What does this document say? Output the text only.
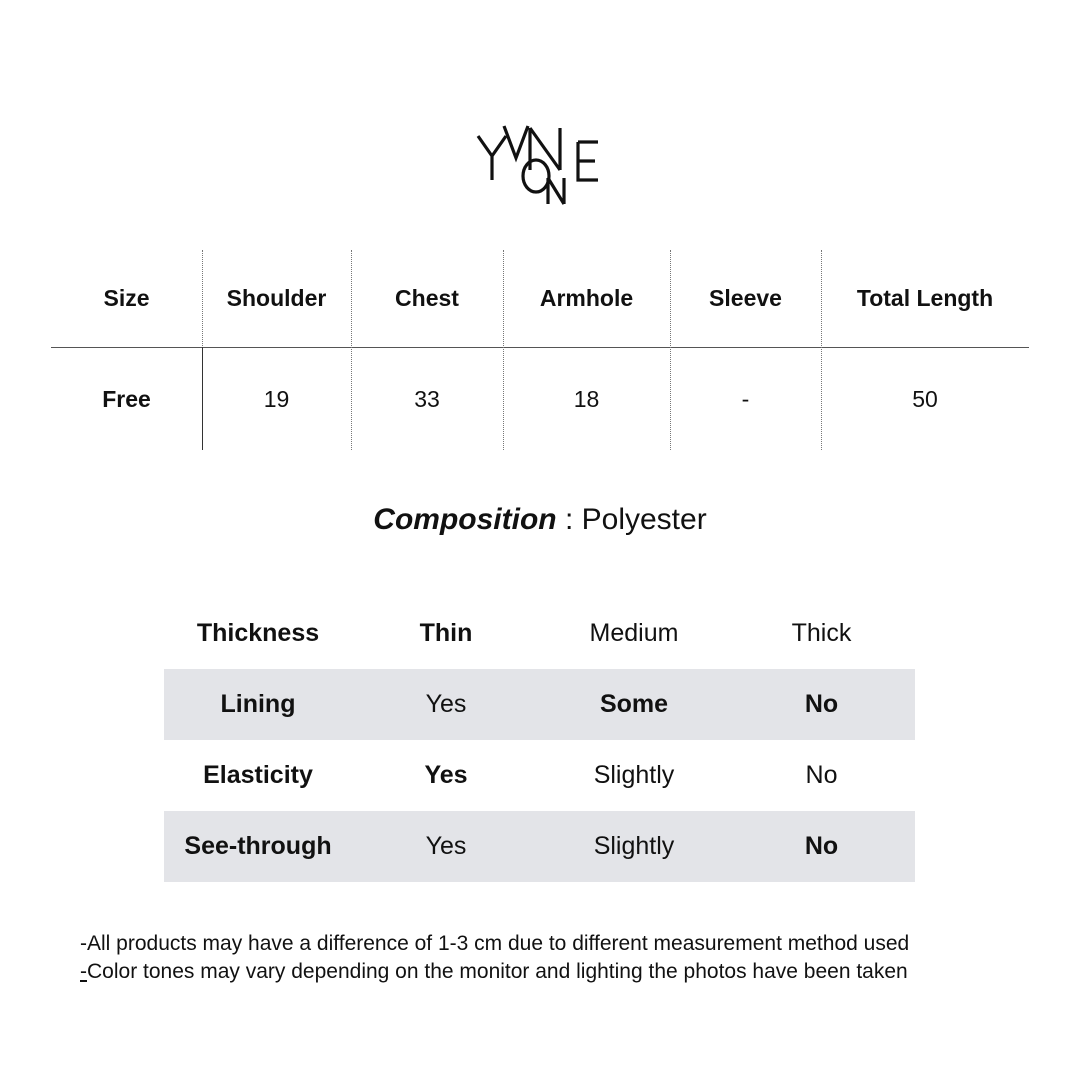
Size	Shoulder	Chest	Armhole	Sleeve	Total Length
Free	19	33	18	-	50
Composition : Polyester
Thickness	Thin	Medium	Thick
Lining	Yes	Some	No
Elasticity	Yes	Slightly	No
See-through	Yes	Slightly	No
-All products may have a difference of 1-3 cm due to different measurement method used
-Color tones may vary depending on the monitor and lighting the photos have been taken
